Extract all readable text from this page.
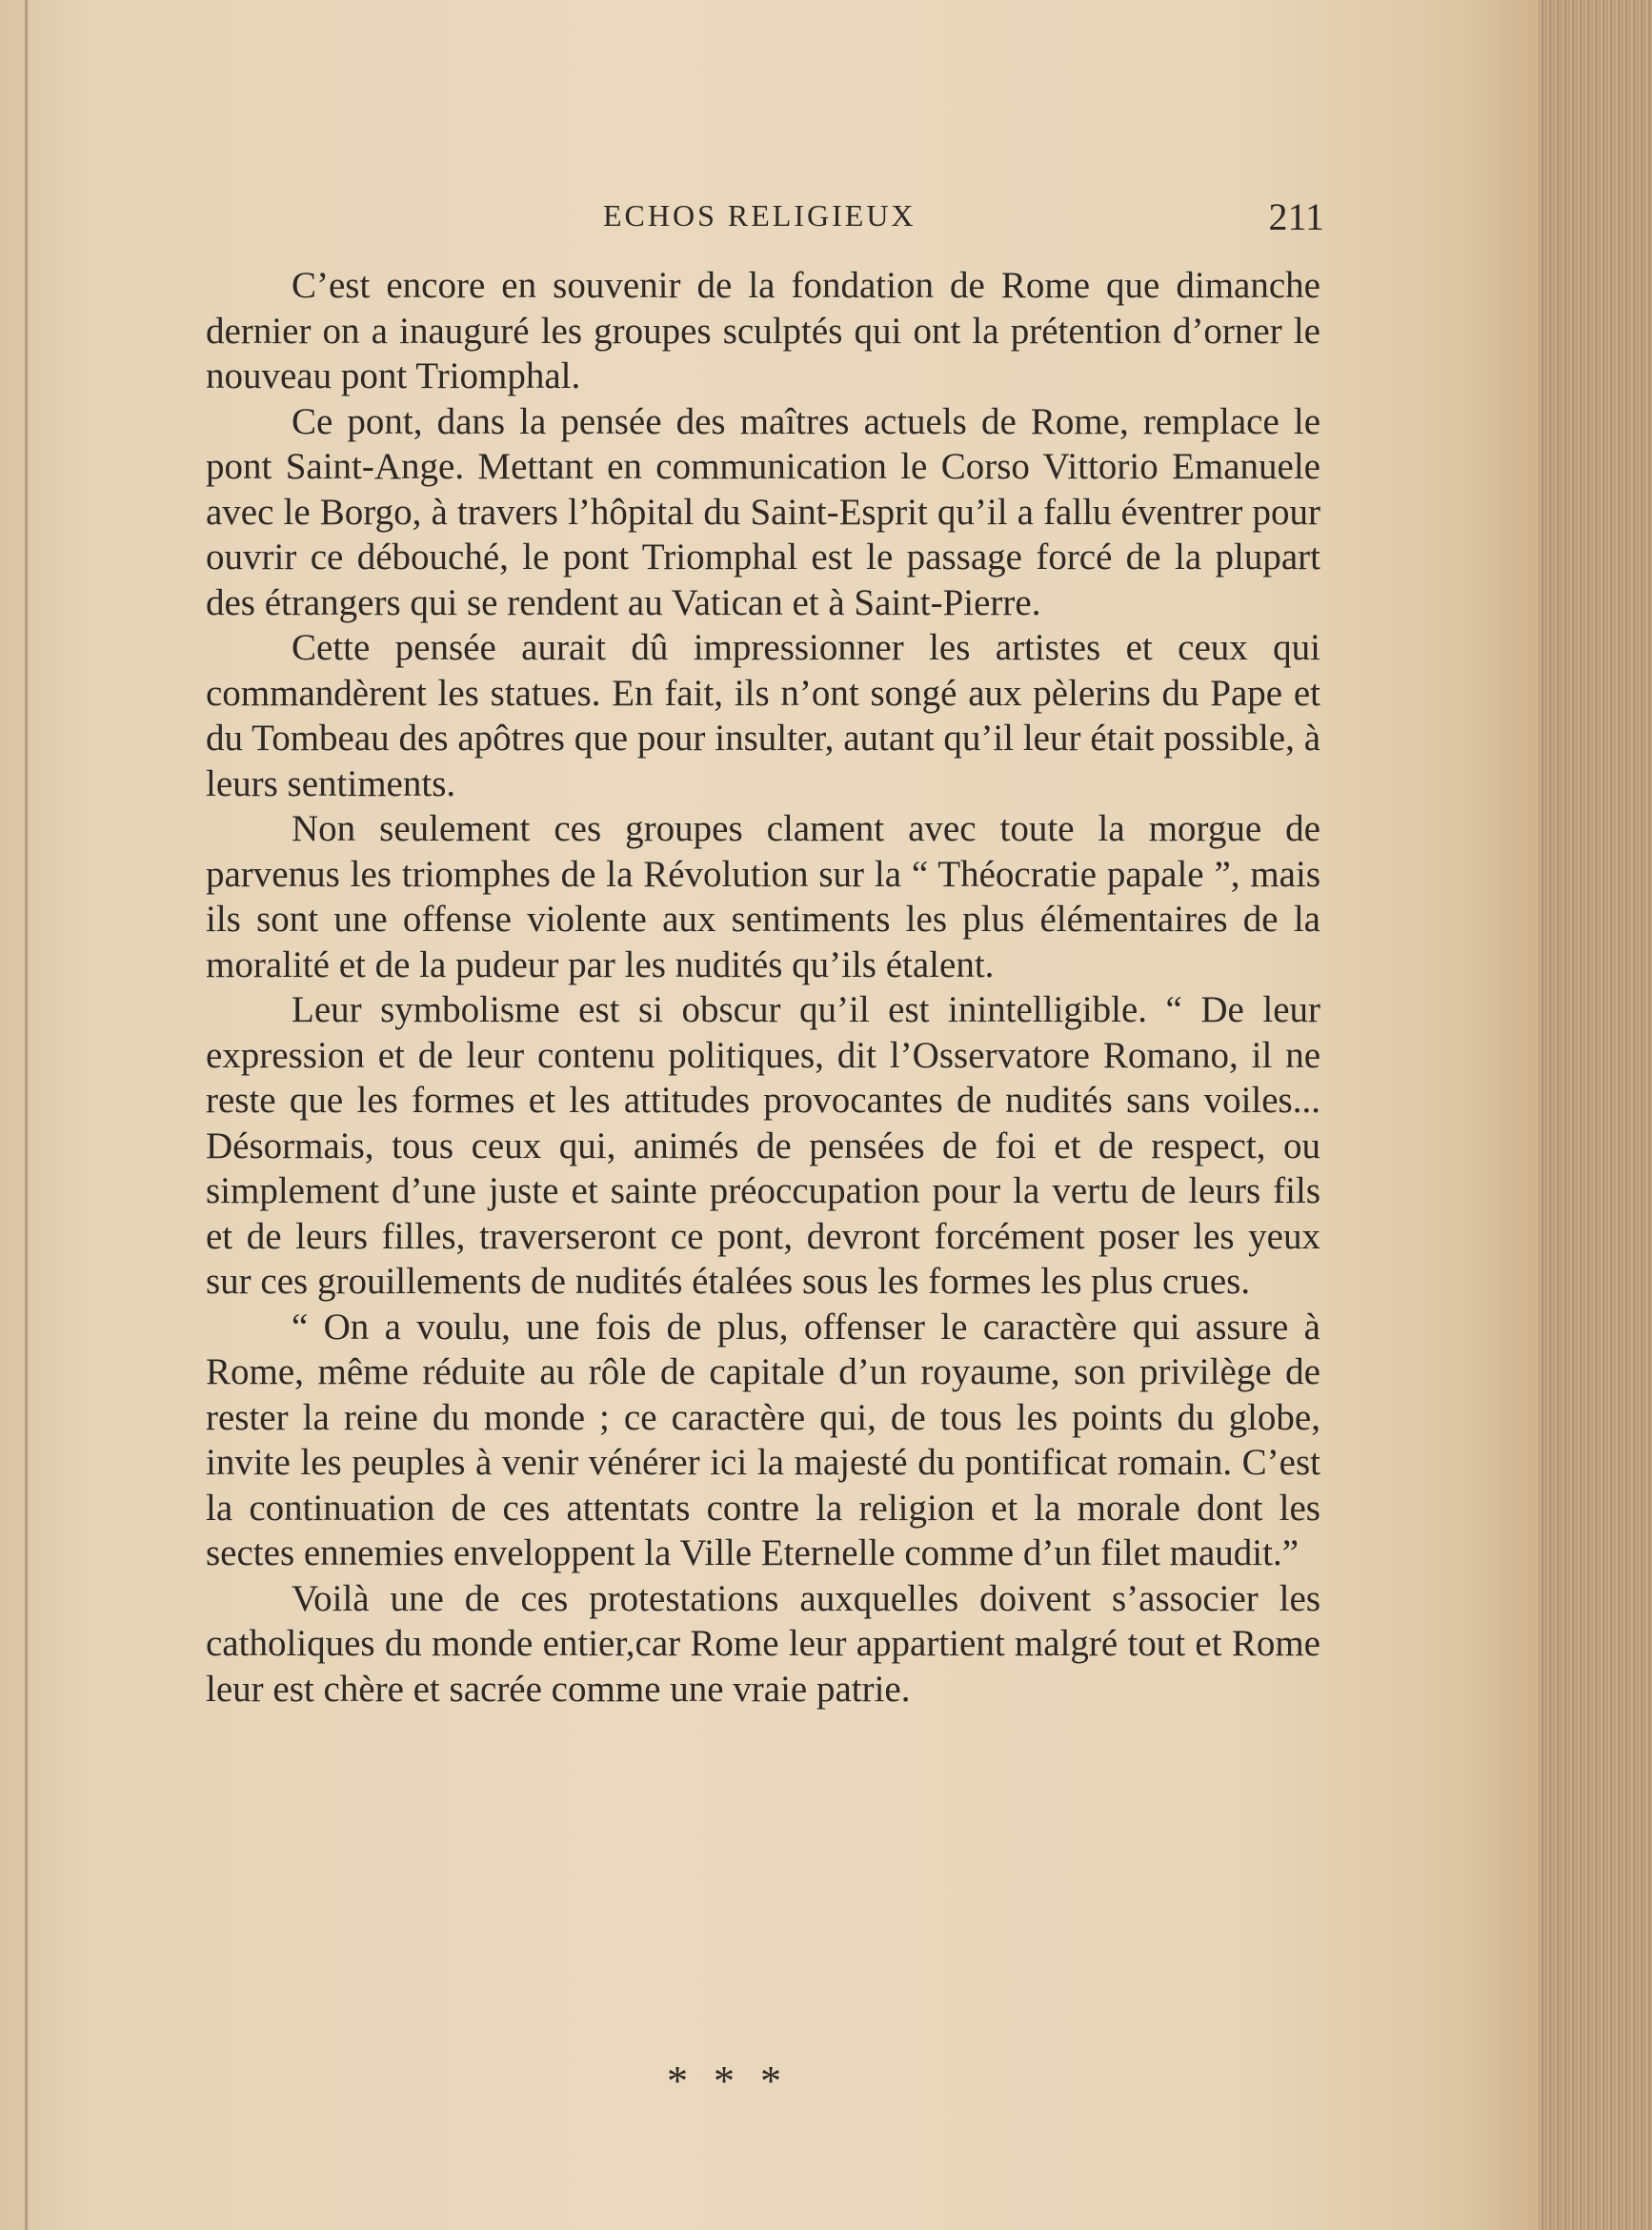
ECHOS RELIGIEUX	211

C’est encore en souvenir de la fondation de Rome que dimanche dernier on a inauguré les groupes sculptés qui ont la prétention d’orner le nouveau pont Triomphal.

Ce pont, dans la pensée des maîtres actuels de Rome, remplace le pont Saint-Ange. Mettant en communication le Corso Vittorio Emanuele avec le Borgo, à travers l’hôpital du Saint-Esprit qu’il a fallu éventrer pour ouvrir ce débouché, le pont Triomphal est le passage forcé de la plupart des étrangers qui se rendent au Vatican et à Saint-Pierre.

Cette pensée aurait dû impressionner les artistes et ceux qui commandèrent les statues. En fait, ils n’ont songé aux pèlerins du Pape et du Tombeau des apôtres que pour insulter, autant qu’il leur était possible, à leurs sentiments.

Non seulement ces groupes clament avec toute la morgue de parvenus les triomphes de la Révolution sur la “ Théocratie papale ”, mais ils sont une offense violente aux sentiments les plus élémentaires de la moralité et de la pudeur par les nudités qu’ils étalent.

Leur symbolisme est si obscur qu’il est inintelligible. “ De leur expression et de leur contenu politiques, dit l’Osservatore Romano, il ne reste que les formes et les attitudes provocantes de nudités sans voiles... Désormais, tous ceux qui, animés de pensées de foi et de respect, ou simplement d’une juste et sainte préoccupation pour la vertu de leurs fils et de leurs filles, traverseront ce pont, devront forcément poser les yeux sur ces grouillements de nudités étalées sous les formes les plus crues.

“ On a voulu, une fois de plus, offenser le caractère qui assure à Rome, même réduite au rôle de capitale d’un royaume, son privilège de rester la reine du monde ; ce caractère qui, de tous les points du globe, invite les peuples à venir vénérer ici la majesté du pontificat romain. C’est la continuation de ces attentats contre la religion et la morale dont les sectes ennemies enveloppent la Ville Eternelle comme d’un filet maudit.”

Voilà une de ces protestations auxquelles doivent s’associer les catholiques du monde entier,car Rome leur appartient malgré tout et Rome leur est chère et sacrée comme une vraie patrie.

* * *
